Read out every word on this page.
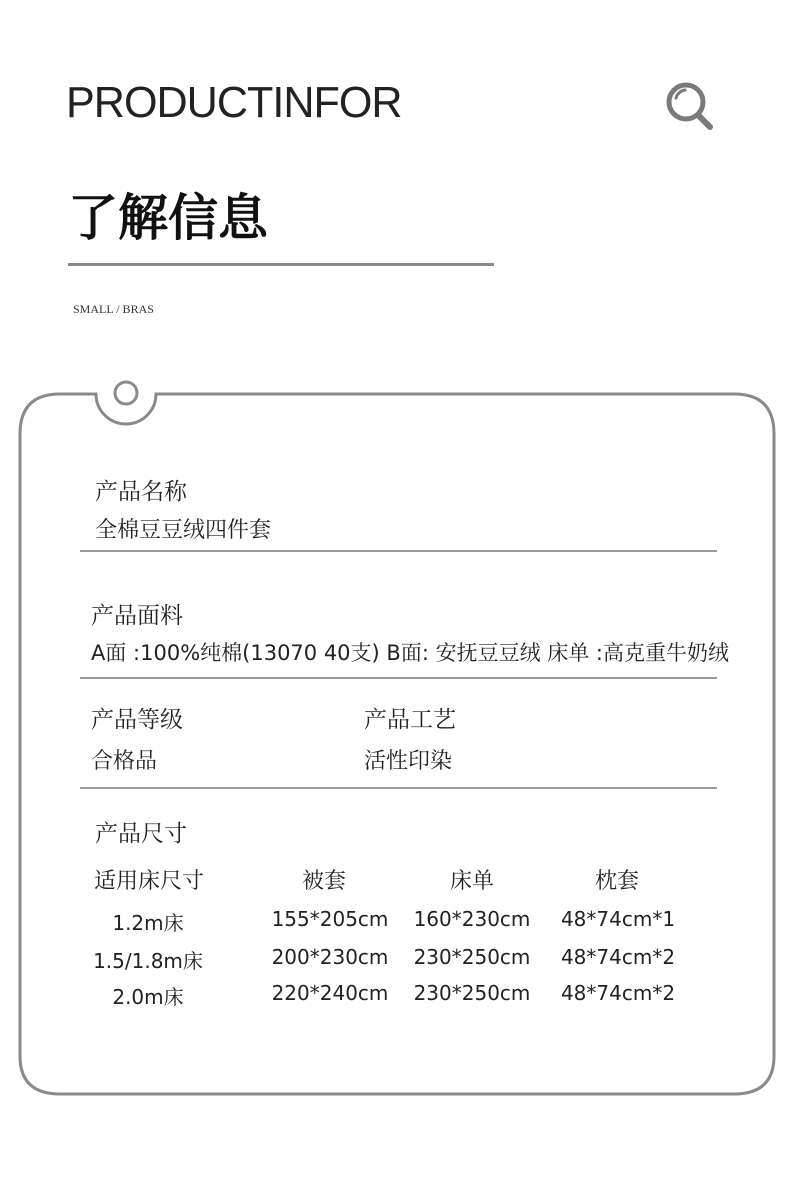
PRODUCTINFOR
了解信息
SMALL / BRAS
产品名称
全棉豆豆绒四件套
产品面料
A面 :100%纯棉(13070 40支) B面: 安抚豆豆绒 床单 :高克重牛奶绒
产品等级
合格品
产品工艺
活性印染
产品尺寸
适用床尺寸	被套	床单	枕套
1.2m床	155*205cm 160*230cm 48*74cm*1
1.5/1.8m床	200*230cm 230*250cm 48*74cm*2
2.0m床	220*240cm 230*250cm 48*74cm*2
